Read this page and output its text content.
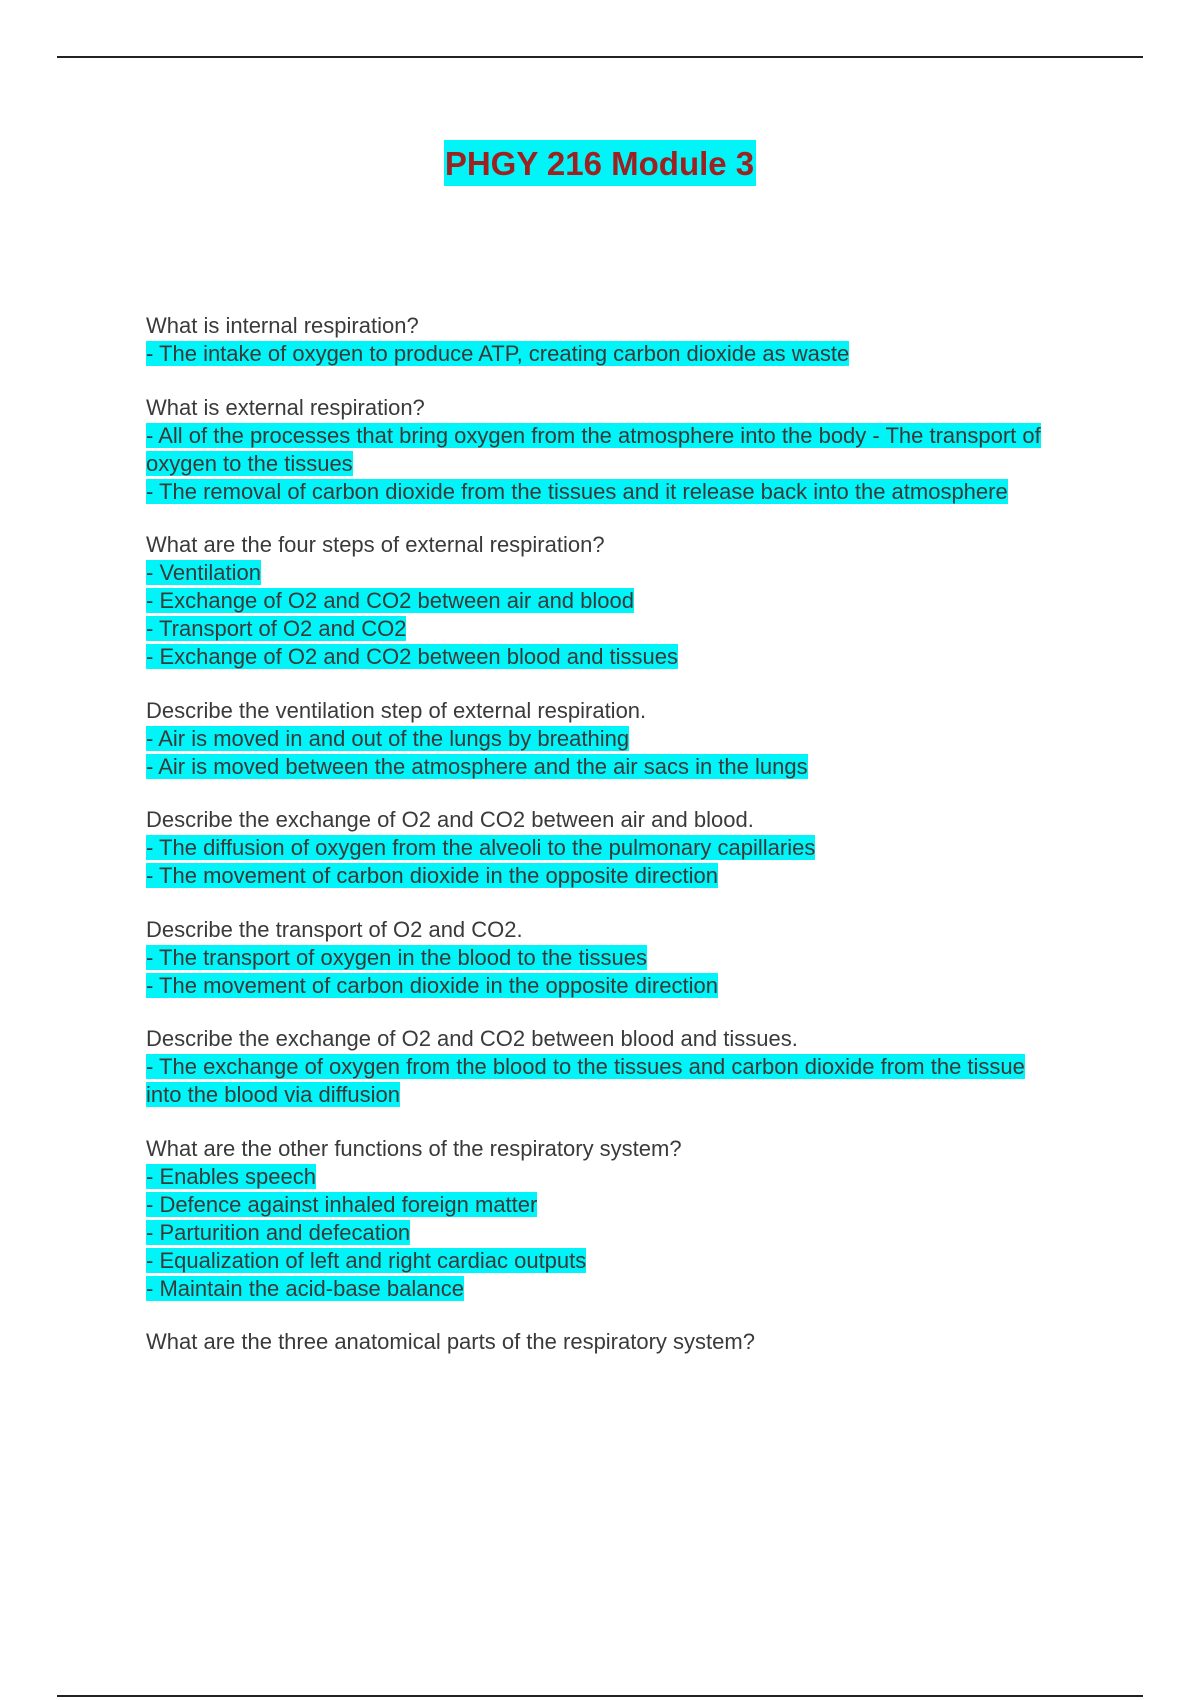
PHGY 216 Module 3
What is internal respiration?
- The intake of oxygen to produce ATP, creating carbon dioxide as waste
What is external respiration?
- All of the processes that bring oxygen from the atmosphere into the body - The transport of oxygen to the tissues
- The removal of carbon dioxide from the tissues and it release back into the atmosphere
What are the four steps of external respiration?
- Ventilation
- Exchange of O2 and CO2 between air and blood
- Transport of O2 and CO2
- Exchange of O2 and CO2 between blood and tissues
Describe the ventilation step of external respiration.
- Air is moved in and out of the lungs by breathing
- Air is moved between the atmosphere and the air sacs in the lungs
Describe the exchange of O2 and CO2 between air and blood.
- The diffusion of oxygen from the alveoli to the pulmonary capillaries
- The movement of carbon dioxide in the opposite direction
Describe the transport of O2 and CO2.
- The transport of oxygen in the blood to the tissues
- The movement of carbon dioxide in the opposite direction
Describe the exchange of O2 and CO2 between blood and tissues.
- The exchange of oxygen from the blood to the tissues and carbon dioxide from the tissue into the blood via diffusion
What are the other functions of the respiratory system?
- Enables speech
- Defence against inhaled foreign matter
- Parturition and defecation
- Equalization of left and right cardiac outputs
- Maintain the acid-base balance
What are the three anatomical parts of the respiratory system?
